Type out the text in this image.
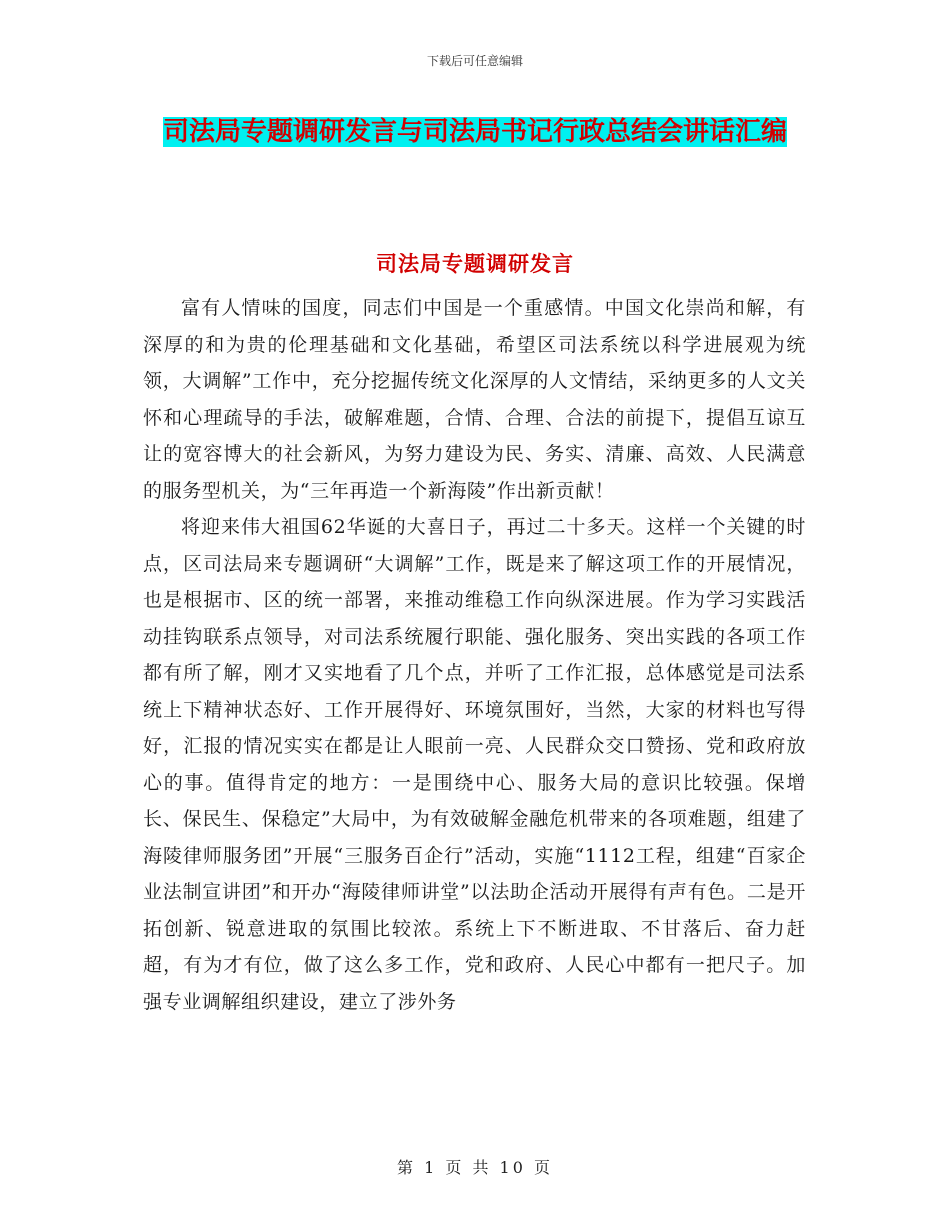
下载后可任意编辑
司法局专题调研发言与司法局书记行政总结会讲话汇编
司法局专题调研发言

富有人情味的国度，同志们中国是一个重感情。中国文化崇尚和解，有深厚的和为贵的伦理基础和文化基础，希望区司法系统以科学进展观为统领，大调解”工作中，充分挖掘传统文化深厚的人文情结，采纳更多的人文关怀和心理疏导的手法，破解难题，合情、合理、合法的前提下，提倡互谅互让的宽容博大的社会新风，为努力建设为民、务实、清廉、高效、人民满意的服务型机关，为“三年再造一个新海陵”作出新贡献！

将迎来伟大祖国62华诞的大喜日子，再过二十多天。这样一个关键的时点，区司法局来专题调研“大调解”工作，既是来了解这项工作的开展情况，也是根据市、区的统一部署，来推动维稳工作向纵深进展。作为学习实践活动挂钩联系点领导，对司法系统履行职能、强化服务、突出实践的各项工作都有所了解，刚才又实地看了几个点，并听了工作汇报，总体感觉是司法系统上下精神状态好、工作开展得好、环境氛围好，当然，大家的材料也写得好，汇报的情况实实在都是让人眼前一亮、人民群众交口赞扬、党和政府放心的事。值得肯定的地方：一是围绕中心、服务大局的意识比较强。保增长、保民生、保稳定”大局中，为有效破解金融危机带来的各项难题，组建了海陵律师服务团”开展“三服务百企行”活动，实施“1112工程，组建“百家企业法制宣讲团”和开办“海陵律师讲堂”以法助企活动开展得有声有色。二是开拓创新、锐意进取的氛围比较浓。系统上下不断进取、不甘落后、奋力赶超，有为才有位，做了这么多工作，党和政府、人民心中都有一把尺子。加强专业调解组织建设，建立了涉外务

第 1 页 共 10 页
